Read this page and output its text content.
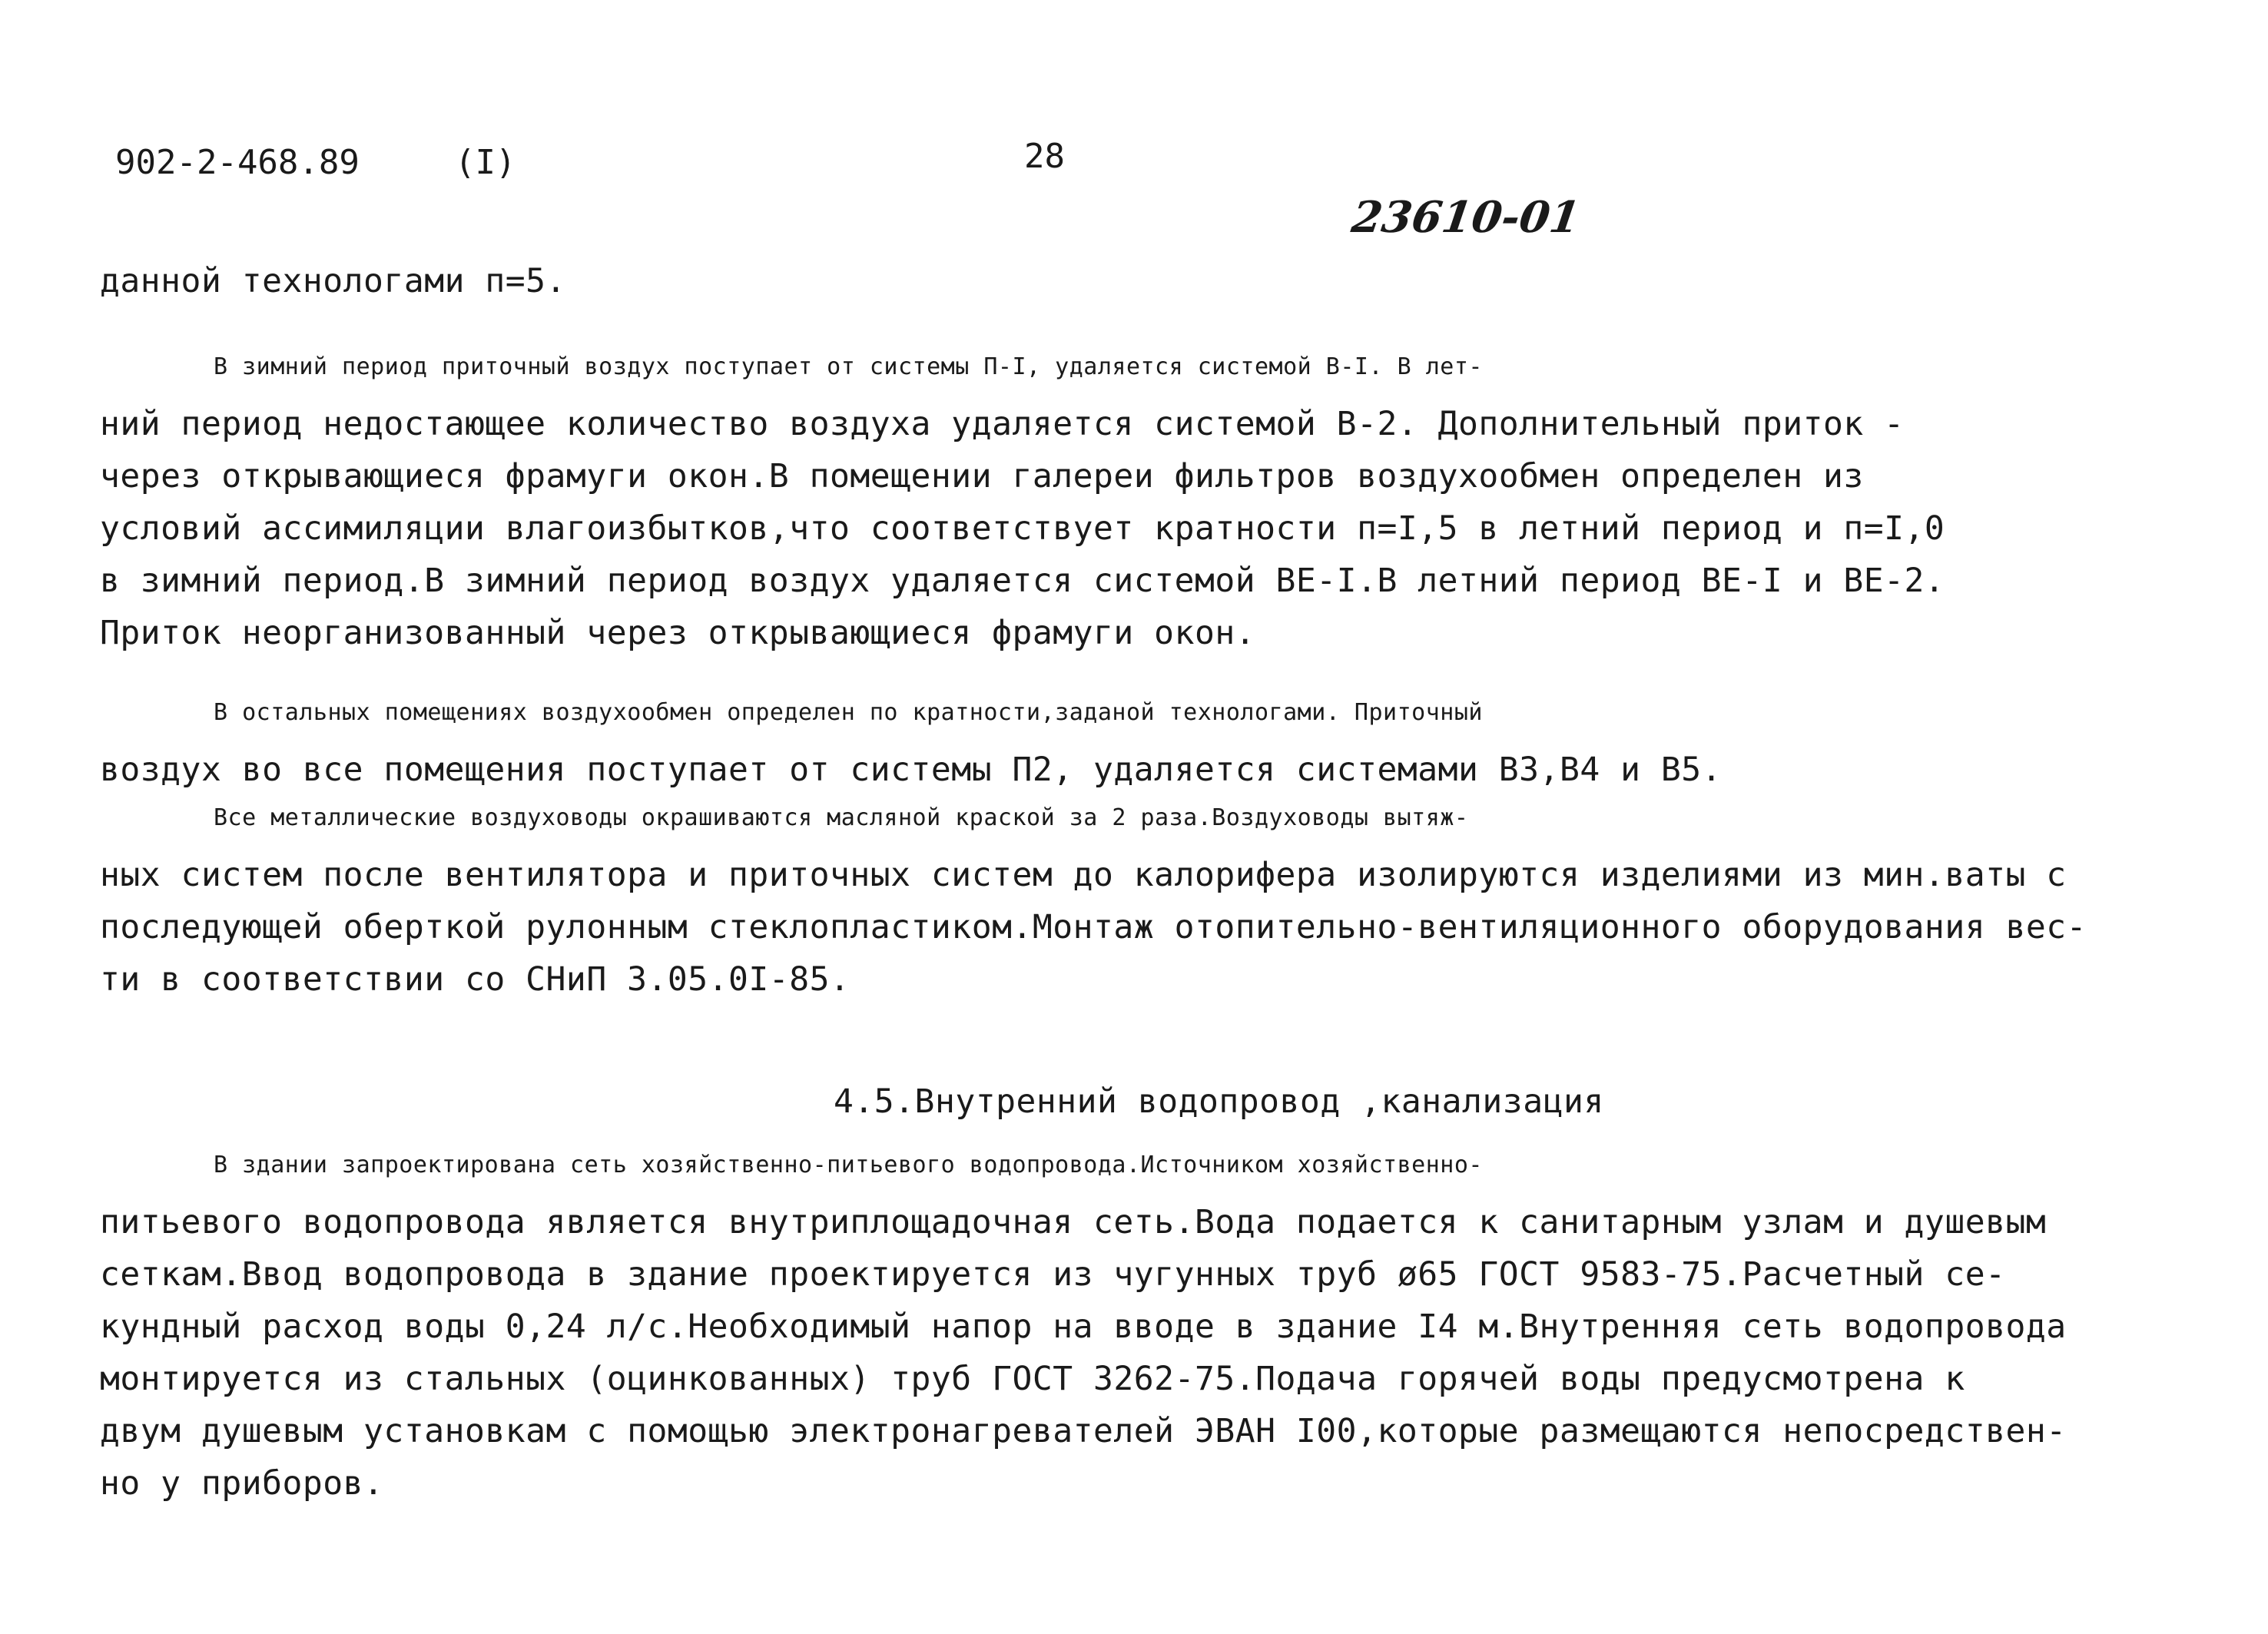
902-2-468.89	(I)	28
23610-01
данной технологами п=5.
В зимний период приточный воздух поступает от системы П-I, удаляется системой В-I. В лет-
ний период недостающее количество воздуха удаляется системой В-2. Дополнительный приток -
через открывающиеся фрамуги окон.В помещении галереи фильтров воздухообмен определен из
условий ассимиляции влагоизбытков,что соответствует кратности п=I,5 в летний период и п=I,0
в зимний период.В зимний период воздух удаляется системой ВЕ-I.В летний период ВЕ-I и ВЕ-2.
Приток неорганизованный через открывающиеся фрамуги окон.
В остальных помещениях воздухообмен определен по кратности,заданой технологами. Приточный
воздух во все помещения поступает от системы П2, удаляется системами В3,В4 и В5.
Все металлические воздуховоды окрашиваются масляной краской за 2 раза.Воздуховоды вытяж-
ных систем после вентилятора и приточных систем до калорифера изолируются изделиями из мин.ваты с
последующей оберткой рулонным стеклопластиком.Монтаж отопительно-вентиляционного оборудования вес-
ти в соответствии со СНиП 3.05.0I-85.
4.5.Внутренний водопровод ,канализация
В здании запроектирована сеть хозяйственно-питьевого водопровода.Источником хозяйственно-
питьевого водопровода является внутриплощадочная сеть.Вода подается к санитарным узлам и душевым
сеткам.Ввод водопровода в здание проектируется из чугунных труб ø65 ГОСТ 9583-75.Расчетный се-
кундный расход воды 0,24 л/с.Необходимый напор на вводе в здание I4 м.Внутренняя сеть водопровода
монтируется из стальных (оцинкованных) труб ГОСТ 3262-75.Подача горячей воды предусмотрена к
двум душевым установкам с помощью электронагревателей ЭВАН I00,которые размещаются непосредствен-
но у приборов.
